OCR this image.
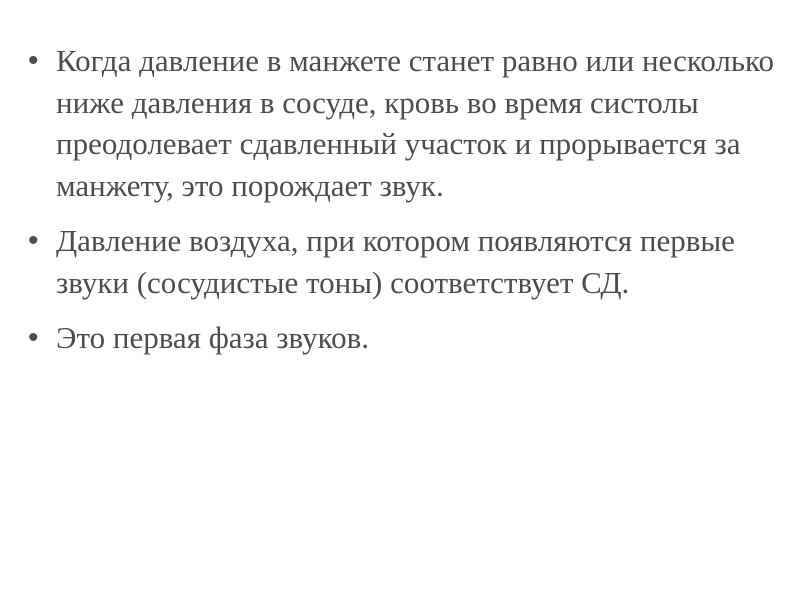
• Когда давление в манжете станет равно или несколько ниже давления в сосуде, кровь во время систолы преодолевает сдавленный участок и прорывается за манжету, это порождает звук.
• Давление воздуха, при котором появляются первые звуки (сосудистые тоны) соответствует СД.
• Это первая фаза звуков.
